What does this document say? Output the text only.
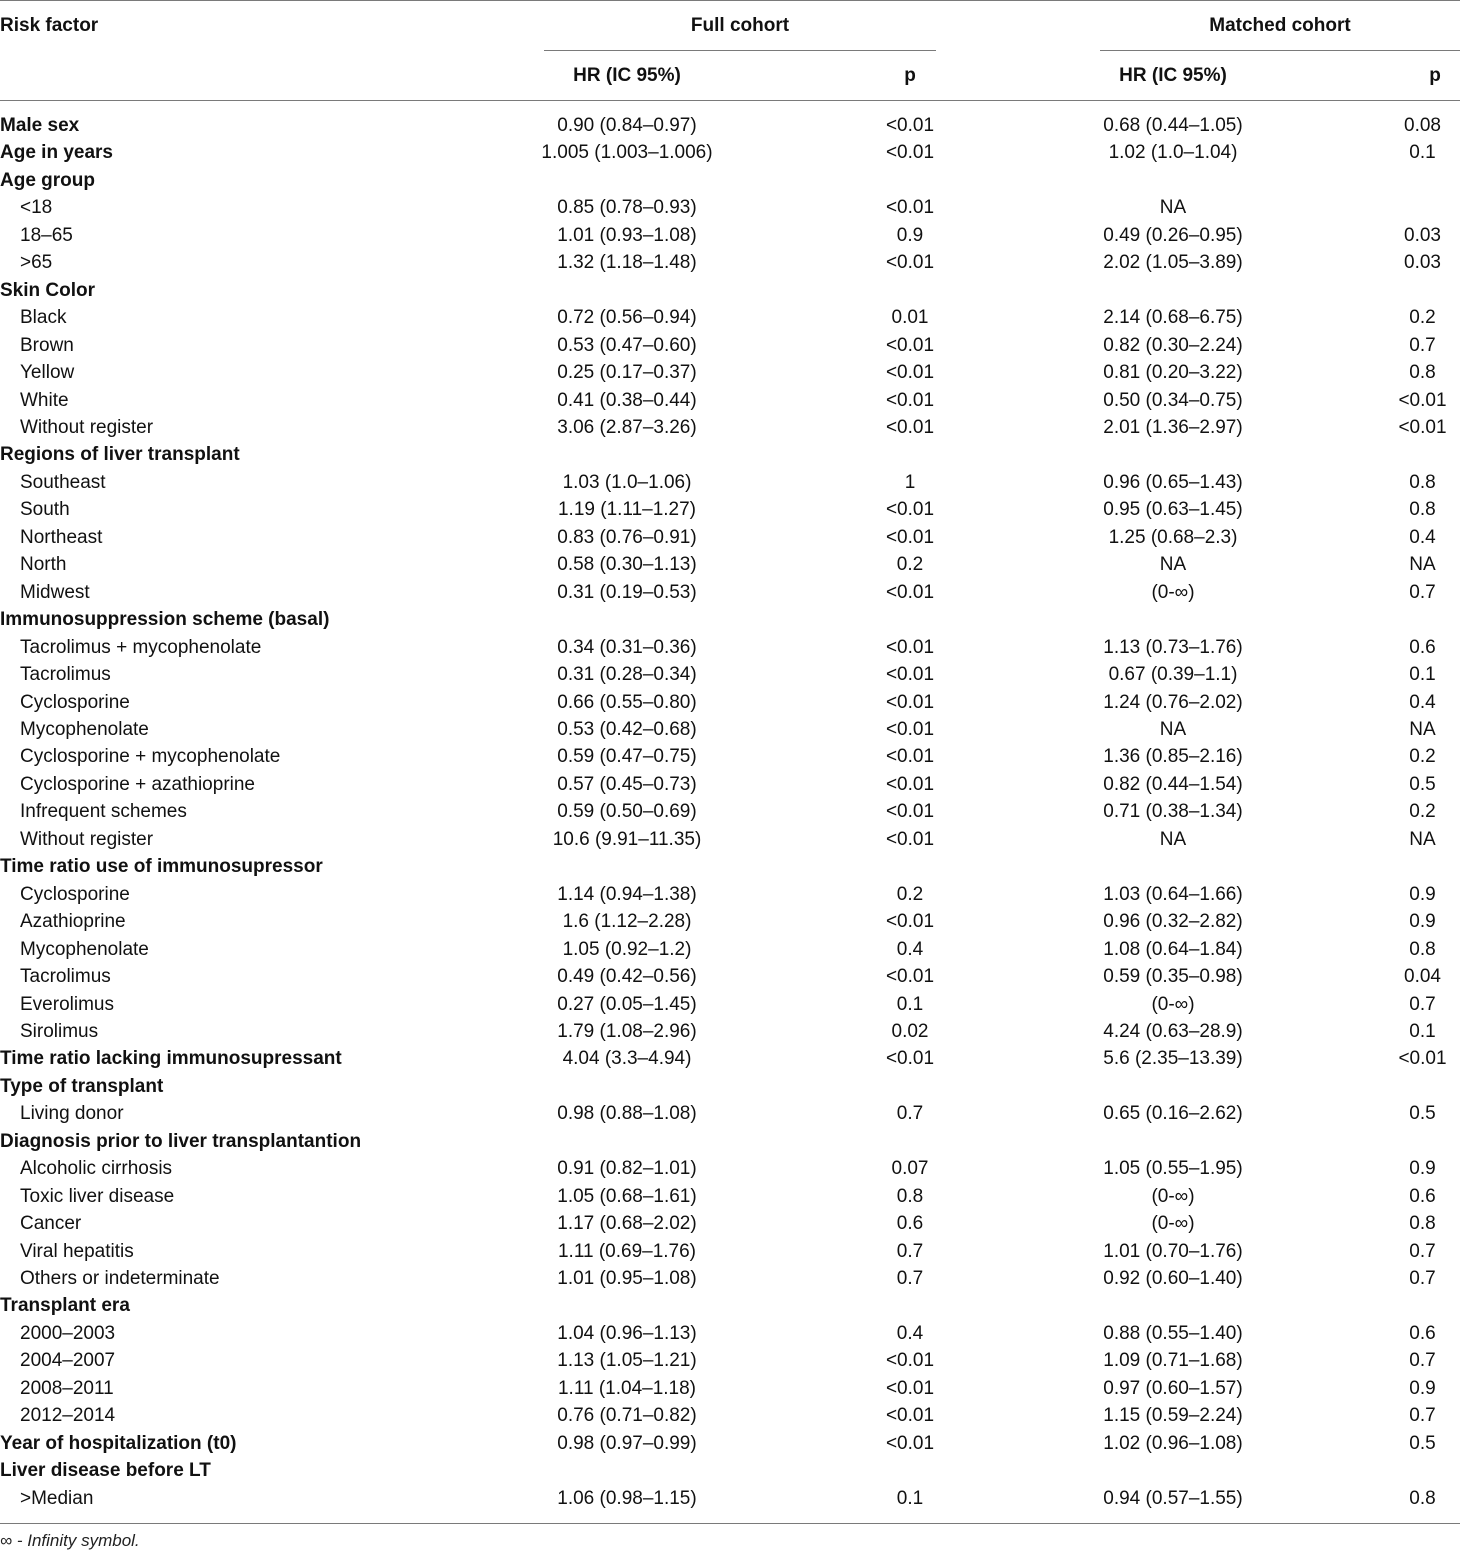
Risk factor	Full cohort	Matched cohort
HR (IC 95%)	p	HR (IC 95%)	p
Male sex	0.90 (0.84–0.97)		<0.01		0.68 (0.44–1.05)		0.08
Age in years	1.005 (1.003–1.006)		<0.01		1.02 (1.0–1.04)		0.1
Age group							
<18	0.85 (0.78–0.93)		<0.01		NA		
18–65	1.01 (0.93–1.08)		0.9		0.49 (0.26–0.95)		0.03
>65	1.32 (1.18–1.48)		<0.01		2.02 (1.05–3.89)		0.03
Skin Color							
Black	0.72 (0.56–0.94)		0.01		2.14 (0.68–6.75)		0.2
Brown	0.53 (0.47–0.60)		<0.01		0.82 (0.30–2.24)		0.7
Yellow	0.25 (0.17–0.37)		<0.01		0.81 (0.20–3.22)		0.8
White	0.41 (0.38–0.44)		<0.01		0.50 (0.34–0.75)		<0.01
Without register	3.06 (2.87–3.26)		<0.01		2.01 (1.36–2.97)		<0.01
Regions of liver transplant							
Southeast	1.03 (1.0–1.06)		1		0.96 (0.65–1.43)		0.8
South	1.19 (1.11–1.27)		<0.01		0.95 (0.63–1.45)		0.8
Northeast	0.83 (0.76–0.91)		<0.01		1.25 (0.68–2.3)		0.4
North	0.58 (0.30–1.13)		0.2		NA		NA
Midwest	0.31 (0.19–0.53)		<0.01		(0-∞)		0.7
Immunosuppression scheme (basal)							
Tacrolimus + mycophenolate	0.34 (0.31–0.36)		<0.01		1.13 (0.73–1.76)		0.6
Tacrolimus	0.31 (0.28–0.34)		<0.01		0.67 (0.39–1.1)		0.1
Cyclosporine	0.66 (0.55–0.80)		<0.01		1.24 (0.76–2.02)		0.4
Mycophenolate	0.53 (0.42–0.68)		<0.01		NA		NA
Cyclosporine + mycophenolate	0.59 (0.47–0.75)		<0.01		1.36 (0.85–2.16)		0.2
Cyclosporine + azathioprine	0.57 (0.45–0.73)		<0.01		0.82 (0.44–1.54)		0.5
Infrequent schemes	0.59 (0.50–0.69)		<0.01		0.71 (0.38–1.34)		0.2
Without register	10.6 (9.91–11.35)		<0.01		NA		NA
Time ratio use of immunosupressor							
Cyclosporine	1.14 (0.94–1.38)		0.2		1.03 (0.64–1.66)		0.9
Azathioprine	1.6 (1.12–2.28)		<0.01		0.96 (0.32–2.82)		0.9
Mycophenolate	1.05 (0.92–1.2)		0.4		1.08 (0.64–1.84)		0.8
Tacrolimus	0.49 (0.42–0.56)		<0.01		0.59 (0.35–0.98)		0.04
Everolimus	0.27 (0.05–1.45)		0.1		(0-∞)		0.7
Sirolimus	1.79 (1.08–2.96)		0.02		4.24 (0.63–28.9)		0.1
Time ratio lacking immunosupressant	4.04 (3.3–4.94)		<0.01		5.6 (2.35–13.39)		<0.01
Type of transplant							
Living donor	0.98 (0.88–1.08)		0.7		0.65 (0.16–2.62)		0.5
Diagnosis prior to liver transplantantion							
Alcoholic cirrhosis	0.91 (0.82–1.01)		0.07		1.05 (0.55–1.95)		0.9
Toxic liver disease	1.05 (0.68–1.61)		0.8		(0-∞)		0.6
Cancer	1.17 (0.68–2.02)		0.6		(0-∞)		0.8
Viral hepatitis	1.11 (0.69–1.76)		0.7		1.01 (0.70–1.76)		0.7
Others or indeterminate	1.01 (0.95–1.08)		0.7		0.92 (0.60–1.40)		0.7
Transplant era							
2000–2003	1.04 (0.96–1.13)		0.4		0.88 (0.55–1.40)		0.6
2004–2007	1.13 (1.05–1.21)		<0.01		1.09 (0.71–1.68)		0.7
2008–2011	1.11 (1.04–1.18)		<0.01		0.97 (0.60–1.57)		0.9
2012–2014	0.76 (0.71–0.82)		<0.01		1.15 (0.59–2.24)		0.7
Year of hospitalization (t0)	0.98 (0.97–0.99)		<0.01		1.02 (0.96–1.08)		0.5
Liver disease before LT							
>Median	1.06 (0.98–1.15)		0.1		0.94 (0.57–1.55)		0.8
∞ - Infinity symbol.
